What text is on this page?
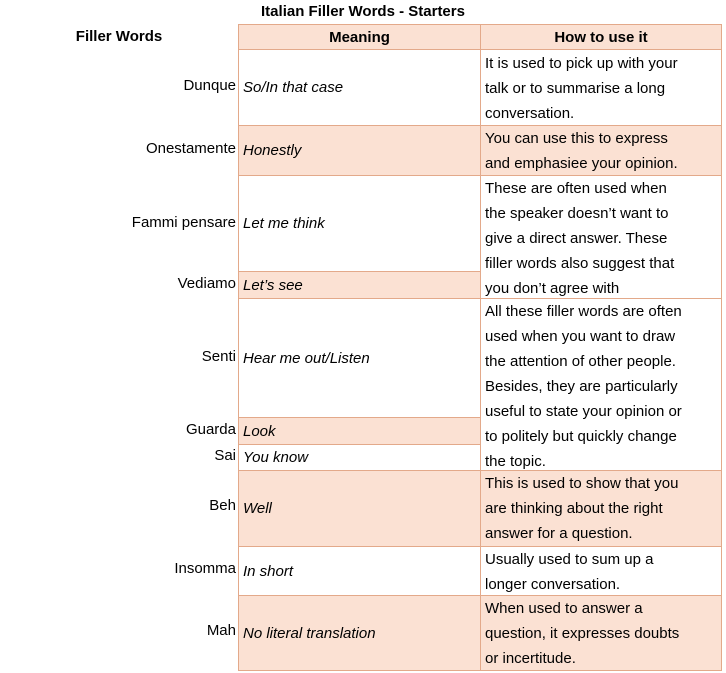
Italian Filler Words - Starters
Filler Words	Meaning	How to use it
Dunque
Onestamente
Fammi pensare
Vediamo
Senti
Guarda
Sai
Beh
Insomma
Mah
So/In that case
Honestly
Let me think
Let’s see
Hear me out/Listen
Look
You know
Well
In short
No literal translation
It is used to pick up with your
talk or to summarise a long
conversation.
You can use this to express
and emphasiee your opinion.
These are often used when
the speaker doesn’t want to
give a direct answer. These
filler words also suggest that
you don’t agree with
All these filler words are often
used when you want to draw
the attention of other people.
Besides, they are particularly
useful to state your opinion or
to politely but quickly change
the topic.
This is used to show that you
are thinking about the right
answer for a question.
Usually used to sum up a
longer conversation.
When used to answer a
question, it expresses doubts
or incertitude.
